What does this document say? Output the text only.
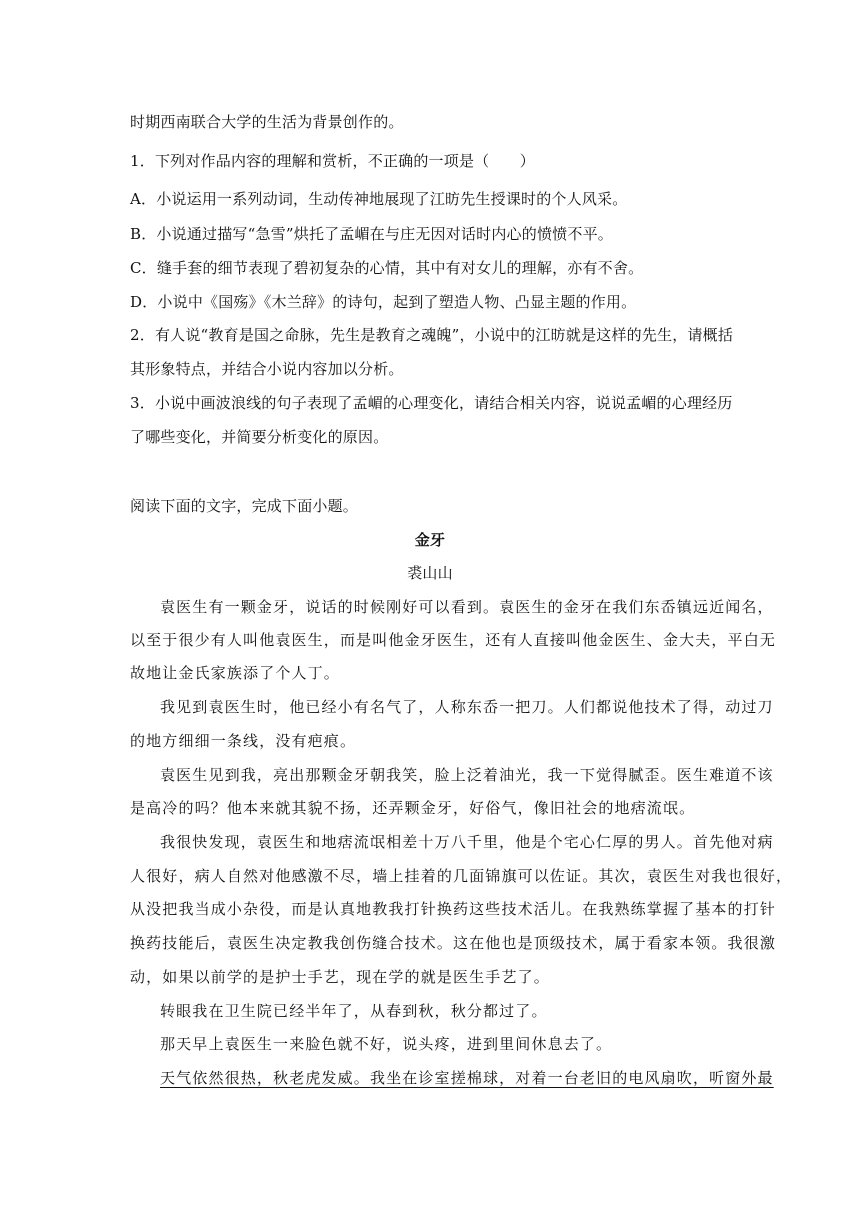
时期西南联合大学的生活为背景创作的。
1．下列对作品内容的理解和赏析，不正确的一项是（　　）
A．小说运用一系列动词，生动传神地展现了江昉先生授课时的个人风采。
B．小说通过描写“急雪”烘托了孟嵋在与庄无因对话时内心的愤愤不平。
C．缝手套的细节表现了碧初复杂的心情，其中有对女儿的理解，亦有不舍。
D．小说中《国殇》《木兰辞》的诗句，起到了塑造人物、凸显主题的作用。
2．有人说“教育是国之命脉，先生是教育之魂魄”，小说中的江昉就是这样的先生，请概括
其形象特点，并结合小说内容加以分析。
3．小说中画波浪线的句子表现了孟嵋的心理变化，请结合相关内容，说说孟嵋的心理经历
了哪些变化，并简要分析变化的原因。
阅读下面的文字，完成下面小题。
金牙
裘山山
袁医生有一颗金牙，说话的时候刚好可以看到。袁医生的金牙在我们东岙镇远近闻名，
以至于很少有人叫他袁医生，而是叫他金牙医生，还有人直接叫他金医生、金大夫，平白无
故地让金氏家族添了个人丁。
我见到袁医生时，他已经小有名气了，人称东岙一把刀。人们都说他技术了得，动过刀
的地方细细一条线，没有疤痕。
袁医生见到我，亮出那颗金牙朝我笑，脸上泛着油光，我一下觉得腻歪。医生难道不该
是高冷的吗？他本来就其貌不扬，还弄颗金牙，好俗气，像旧社会的地痞流氓。
我很快发现，袁医生和地痞流氓相差十万八千里，他是个宅心仁厚的男人。首先他对病
人很好，病人自然对他感激不尽，墙上挂着的几面锦旗可以佐证。其次，袁医生对我也很好，
从没把我当成小杂役，而是认真地教我打针换药这些技术活儿。在我熟练掌握了基本的打针
换药技能后，袁医生决定教我创伤缝合技术。这在他也是顶级技术，属于看家本领。我很激
动，如果以前学的是护士手艺，现在学的就是医生手艺了。
转眼我在卫生院已经半年了，从春到秋，秋分都过了。
那天早上袁医生一来脸色就不好，说头疼，进到里间休息去了。
天气依然很热，秋老虎发威。我坐在诊室搓棉球，对着一台老旧的电风扇吹，听窗外最
